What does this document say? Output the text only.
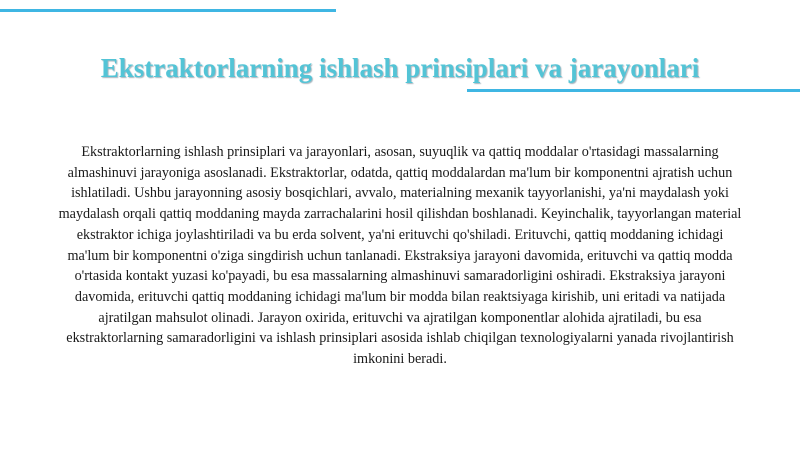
Ekstraktorlarning ishlash prinsiplari va jarayonlari

Ekstraktorlarning ishlash prinsiplari va jarayonlari, asosan, suyuqlik va qattiq moddalar o'rtasidagi massalarning almashinuvi jarayoniga asoslanadi. Ekstraktorlar, odatda, qattiq moddalardan ma'lum bir komponentni ajratish uchun ishlatiladi. Ushbu jarayonning asosiy bosqichlari, avvalo, materialning mexanik tayyorlanishi, ya'ni maydalash yoki maydalash orqali qattiq moddaning mayda zarrachalarini hosil qilishdan boshlanadi. Keyinchalik, tayyorlangan material ekstraktor ichiga joylashtiriladi va bu erda solvent, ya'ni erituvchi qo'shiladi. Erituvchi, qattiq moddaning ichidagi ma'lum bir komponentni o'ziga singdirish uchun tanlanadi. Ekstraksiya jarayoni davomida, erituvchi va qattiq modda o'rtasida kontakt yuzasi ko'payadi, bu esa massalarning almashinuvi samaradorligini oshiradi. Ekstraksiya jarayoni davomida, erituvchi qattiq moddaning ichidagi ma'lum bir modda bilan reaktsiyaga kirishib, uni eritadi va natijada ajratilgan mahsulot olinadi. Jarayon oxirida, erituvchi va ajratilgan komponentlar alohida ajratiladi, bu esa ekstraktorlarning samaradorligini va ishlash prinsiplari asosida ishlab chiqilgan texnologiyalarni yanada rivojlantirish imkonini beradi.
